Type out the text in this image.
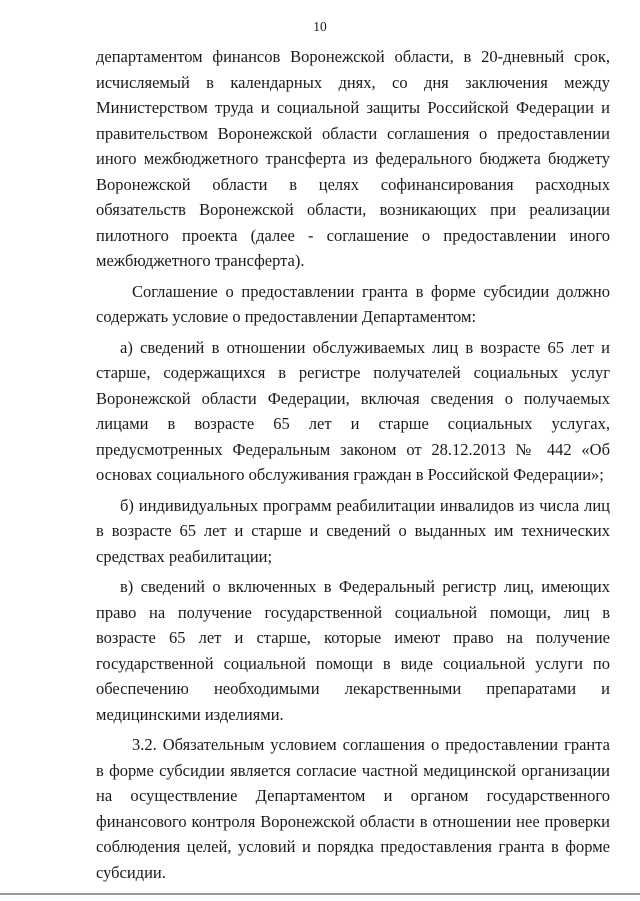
10

департаментом финансов Воронежской области, в 20-дневный срок, исчисляемый в календарных днях, со дня заключения между Министерством труда и социальной защиты Российской Федерации и правительством Воронежской области соглашения о предоставлении иного межбюджетного трансферта из федерального бюджета бюджету Воронежской области в целях софинансирования расходных обязательств Воронежской области, возникающих при реализации пилотного проекта (далее - соглашение о предоставлении иного межбюджетного трансферта).

Соглашение о предоставлении гранта в форме субсидии должно содержать условие о предоставлении Департаментом:

а) сведений в отношении обслуживаемых лиц в возрасте 65 лет и старше, содержащихся в регистре получателей социальных услуг Воронежской области Федерации, включая сведения о получаемых лицами в возрасте 65 лет и старше социальных услугах, предусмотренных Федеральным законом от 28.12.2013 № 442 «Об основах социального обслуживания граждан в Российской Федерации»;

б) индивидуальных программ реабилитации инвалидов из числа лиц в возрасте 65 лет и старше и сведений о выданных им технических средствах реабилитации;

в) сведений о включенных в Федеральный регистр лиц, имеющих право на получение государственной социальной помощи, лиц в возрасте 65 лет и старше, которые имеют право на получение государственной социальной помощи в виде социальной услуги по обеспечению необходимыми лекарственными препаратами и медицинскими изделиями.

3.2. Обязательным условием соглашения о предоставлении гранта в форме субсидии является согласие частной медицинской организации на осуществление Департаментом и органом государственного финансового контроля Воронежской области в отношении нее проверки соблюдения целей, условий и порядка предоставления гранта в форме субсидии.
